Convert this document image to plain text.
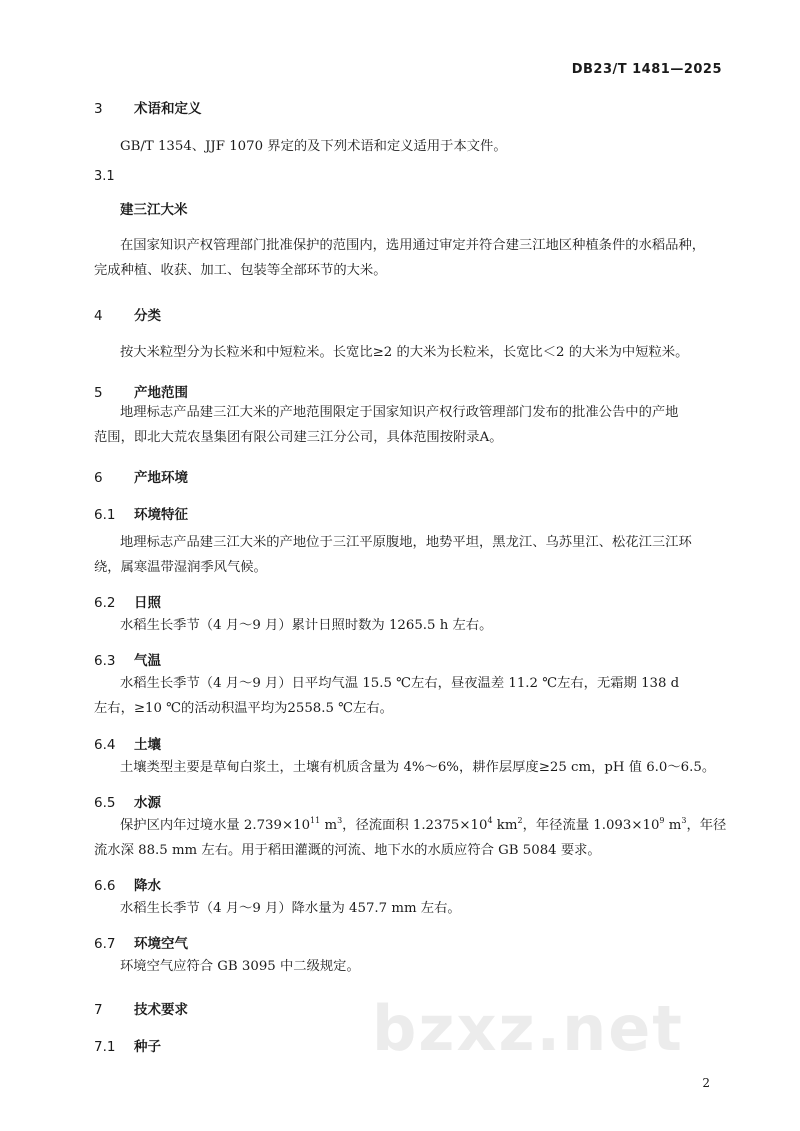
DB23/T 1481—2025
3 术语和定义
GB/T 1354、JJF 1070 界定的及下列术语和定义适用于本文件。
3.1
建三江大米
在国家知识产权管理部门批准保护的范围内，选用通过审定并符合建三江地区种植条件的水稻品种，
完成种植、收获、加工、包装等全部环节的大米。
4 分类
按大米粒型分为长粒米和中短粒米。长宽比≥2 的大米为长粒米，长宽比＜2 的大米为中短粒米。
5 产地范围
地理标志产品建三江大米的产地范围限定于国家知识产权行政管理部门发布的批准公告中的产地
范围，即北大荒农垦集团有限公司建三江分公司，具体范围按附录A。
6 产地环境
6.1 环境特征
地理标志产品建三江大米的产地位于三江平原腹地，地势平坦，黑龙江、乌苏里江、松花江三江环
绕，属寒温带湿润季风气候。
6.2 日照
水稻生长季节（4 月～9 月）累计日照时数为 1265.5 h 左右。
6.3 气温
水稻生长季节（4 月～9 月）日平均气温 15.5 ℃左右，昼夜温差 11.2 ℃左右，无霜期 138 d
左右，≥10 ℃的活动积温平均为2558.5 ℃左右。
6.4 土壤
土壤类型主要是草甸白浆土，土壤有机质含量为 4%～6%，耕作层厚度≥25 cm，pH 值 6.0～6.5。
6.5 水源
保护区内年过境水量 $2.739\times 10^{11}$ $m^3$，径流面积 $1.2375\times 10^4$ $km^2$，年径流量 $1.093\times 10^9$ $m^3$，年径
流水深 88.5 mm 左右。用于稻田灌溉的河流、地下水的水质应符合 GB 5084 要求。
6.6 降水
水稻生长季节（4 月～9 月）降水量为 457.7 mm 左右。
6.7 环境空气
环境空气应符合 GB 3095 中二级规定。
bzxz.net
7 技术要求
7.1 种子
2
